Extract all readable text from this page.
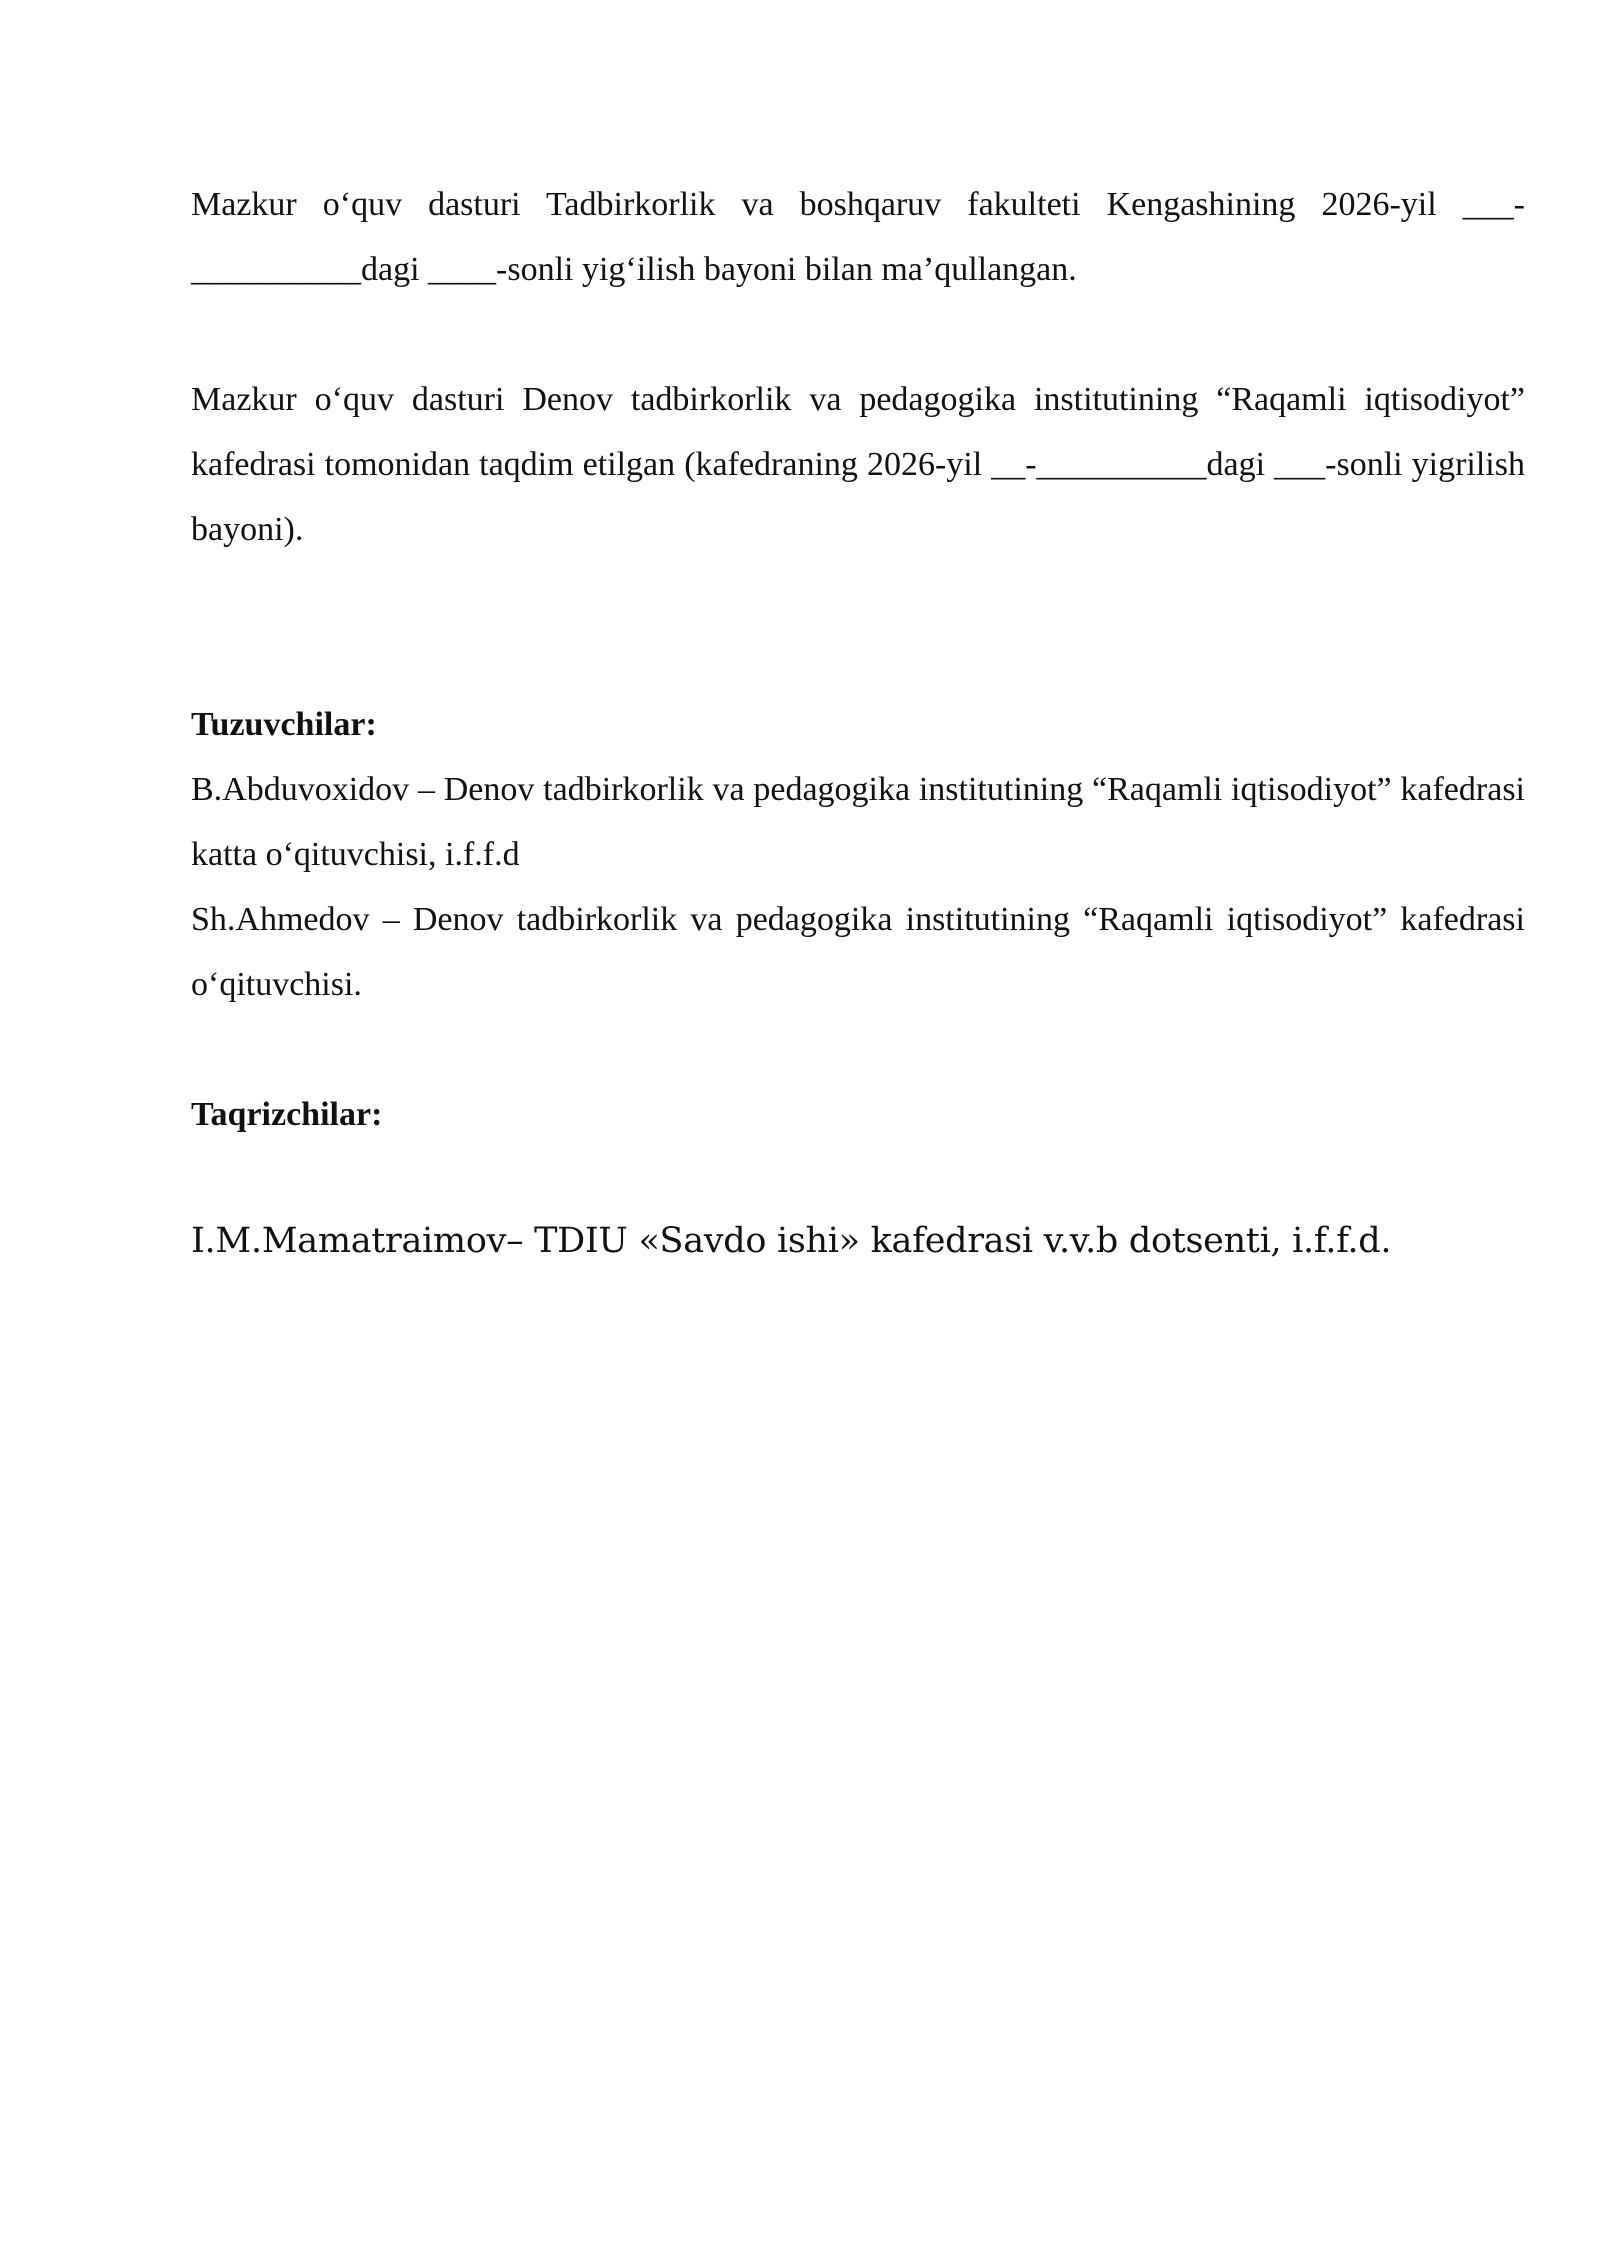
Mazkur o‘quv dasturi Tadbirkorlik va boshqaruv fakulteti Kengashining 2026-yil ___-__________dagi ____-sonli yig‘ilish bayoni bilan ma’qullangan.

Mazkur o‘quv dasturi Denov tadbirkorlik va pedagogika institutining “Raqamli iqtisodiyot” kafedrasi tomonidan taqdim etilgan (kafedraning 2026-yil __-__________dagi ___-sonli yigrilish bayoni).

Tuzuvchilar:

B.Abduvoxidov – Denov tadbirkorlik va pedagogika institutining “Raqamli iqtisodiyot” kafedrasi katta o‘qituvchisi, i.f.f.d

Sh.Ahmedov – Denov tadbirkorlik va pedagogika institutining “Raqamli iqtisodiyot” kafedrasi o‘qituvchisi.

Taqrizchilar:

I.M.Mamatraimov– TDIU «Savdo ishi» kafedrasi v.v.b dotsenti, i.f.f.d.
